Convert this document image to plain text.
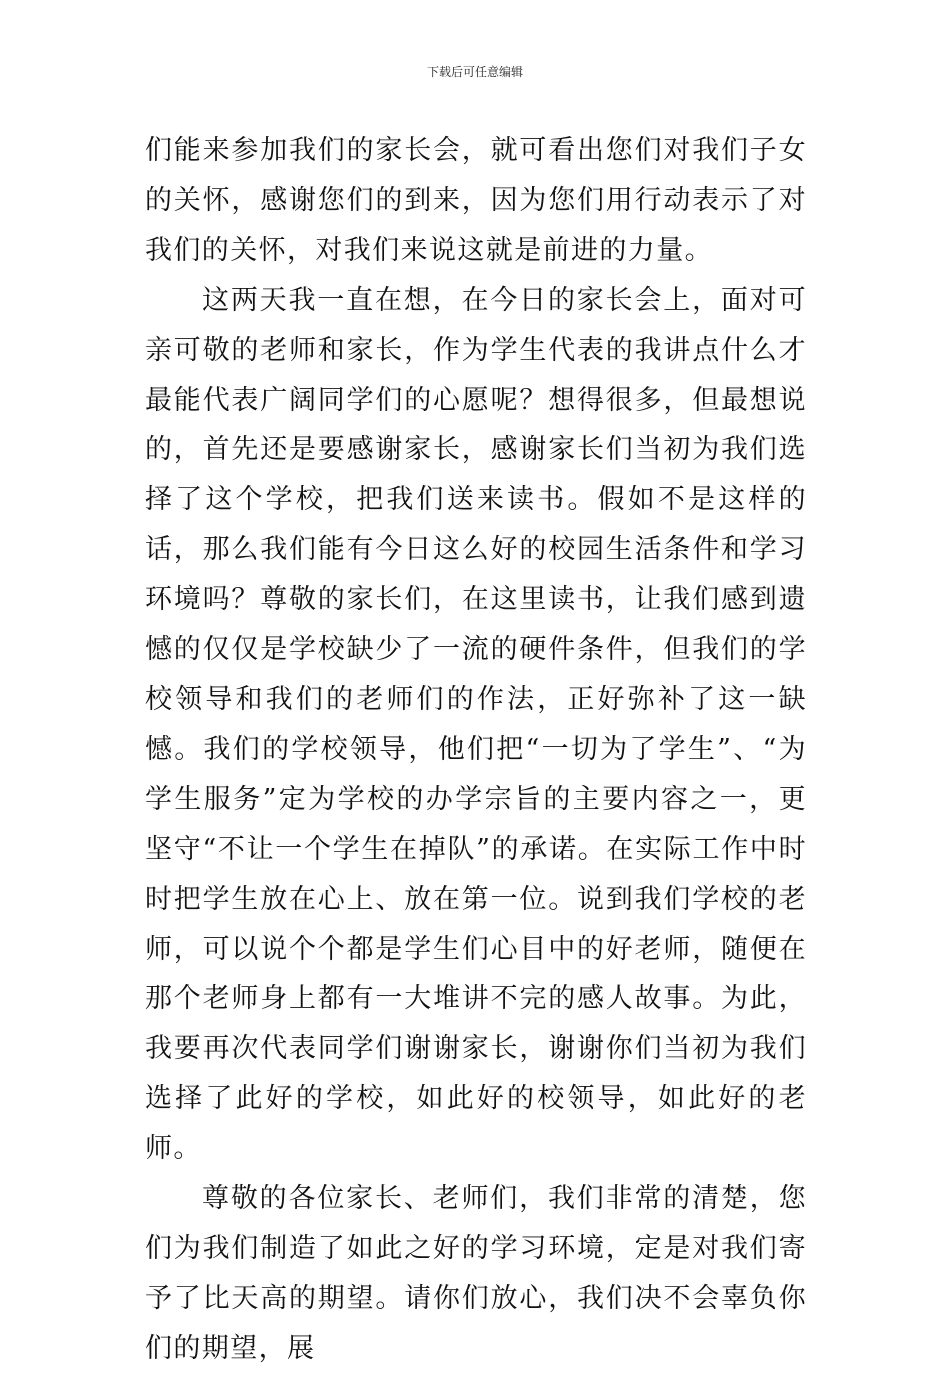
下载后可任意编辑

们能来参加我们的家长会，就可看出您们对我们子女的关怀，感谢您们的到来，因为您们用行动表示了对我们的关怀，对我们来说这就是前进的力量。

这两天我一直在想，在今日的家长会上，面对可亲可敬的老师和家长，作为学生代表的我讲点什么才最能代表广阔同学们的心愿呢？想得很多，但最想说的，首先还是要感谢家长，感谢家长们当初为我们选择了这个学校，把我们送来读书。假如不是这样的话，那么我们能有今日这么好的校园生活条件和学习环境吗？尊敬的家长们，在这里读书，让我们感到遗憾的仅仅是学校缺少了一流的硬件条件，但我们的学校领导和我们的老师们的作法，正好弥补了这一缺憾。我们的学校领导，他们把“一切为了学生”、“为学生服务”定为学校的办学宗旨的主要内容之一，更坚守“不让一个学生在掉队”的承诺。在实际工作中时时把学生放在心上、放在第一位。说到我们学校的老师，可以说个个都是学生们心目中的好老师，随便在那个老师身上都有一大堆讲不完的感人故事。为此，我要再次代表同学们谢谢家长，谢谢你们当初为我们选择了此好的学校，如此好的校领导，如此好的老师。

尊敬的各位家长、老师们，我们非常的清楚，您们为我们制造了如此之好的学习环境，定是对我们寄予了比天高的期望。请你们放心，我们决不会辜负你们的期望，展
